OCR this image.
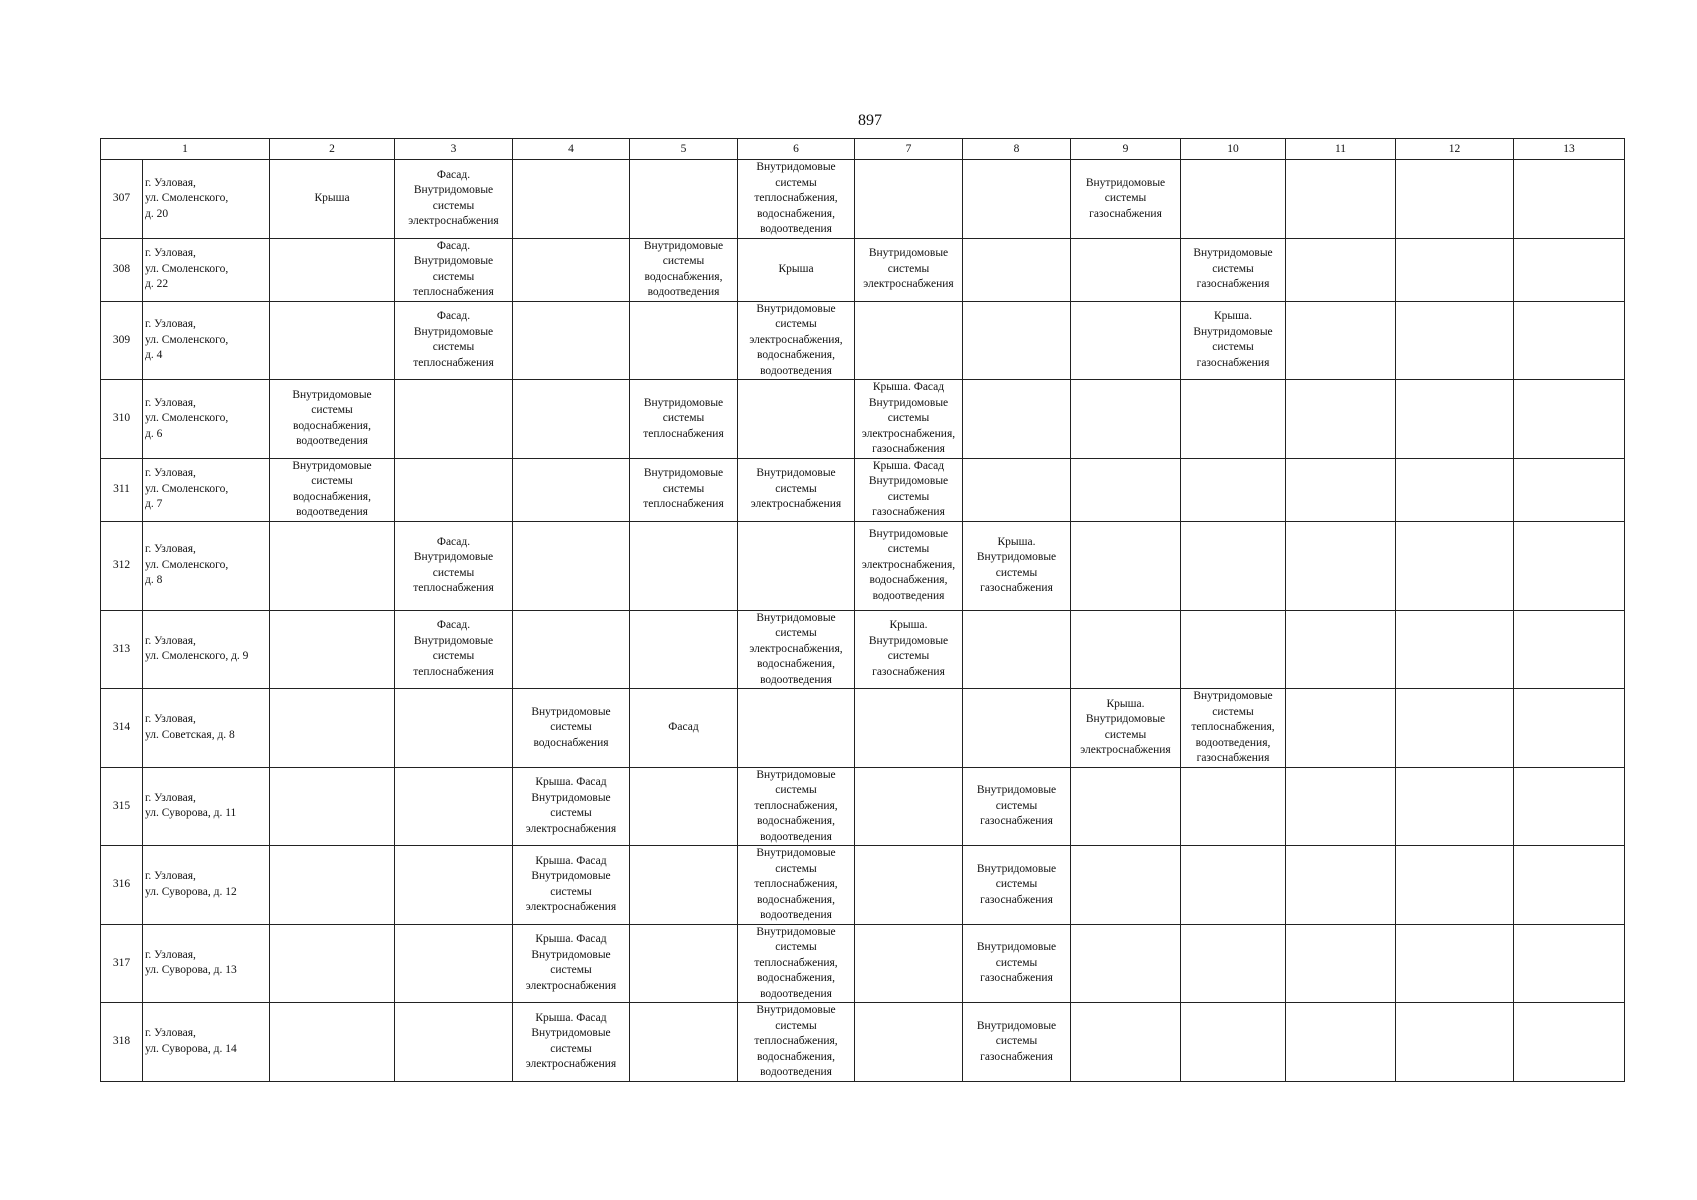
897
1		2	3	4	5	6	7	8	9	10	11	12	13
307	г. Узловая,
ул. Смоленского,
д. 20	Крыша	Фасад.
Внутридомовые
системы
электроснабжения			Внутридомовые
системы
теплоснабжения,
водоснабжения,
водоотведения			Внутридомовые
системы
газоснабжения				

308	г. Узловая,
ул. Смоленского,
д. 22		Фасад.
Внутридомовые
системы
теплоснабжения		Внутридомовые
системы
водоснабжения,
водоотведения	Крыша	Внутридомовые
системы
электроснабжения			Внутридомовые
системы
газоснабжения			

309	г. Узловая,
ул. Смоленского,
д. 4		Фасад.
Внутридомовые
системы
теплоснабжения			Внутридомовые
системы
электроснабжения,
водоснабжения,
водоотведения				Крыша.
Внутридомовые
системы
газоснабжения			

310	г. Узловая,
ул. Смоленского,
д. 6	Внутридомовые
системы
водоснабжения,
водоотведения			Внутридомовые
системы
теплоснабжения		Крыша. Фасад
Внутридомовые
системы
электроснабжения,
газоснабжения						

311	г. Узловая,
ул. Смоленского,
д. 7	Внутридомовые
системы
водоснабжения,
водоотведения			Внутридомовые
системы
теплоснабжения	Внутридомовые
системы
электроснабжения	Крыша. Фасад
Внутридомовые
системы
газоснабжения						

312	г. Узловая,
ул. Смоленского,
д. 8		Фасад.
Внутридомовые
системы
теплоснабжения				Внутридомовые
системы
электроснабжения,
водоснабжения,
водоотведения	Крыша.
Внутридомовые
системы
газоснабжения					

313	г. Узловая,
ул. Смоленского, д. 9		Фасад.
Внутридомовые
системы
теплоснабжения			Внутридомовые
системы
электроснабжения,
водоснабжения,
водоотведения	Крыша.
Внутридомовые
системы
газоснабжения						

314	г. Узловая,
ул. Советская, д. 8			Внутридомовые
системы
водоснабжения	Фасад				Крыша.
Внутридомовые
системы
электроснабжения	Внутридомовые
системы
теплоснабжения,
водоотведения,
газоснабжения			

315	г. Узловая,
ул. Суворова, д. 11			Крыша. Фасад
Внутридомовые
системы
электроснабжения		Внутридомовые
системы
теплоснабжения,
водоснабжения,
водоотведения		Внутридомовые
системы
газоснабжения					

316	г. Узловая,
ул. Суворова, д. 12			Крыша. Фасад
Внутридомовые
системы
электроснабжения		Внутридомовые
системы
теплоснабжения,
водоснабжения,
водоотведения		Внутридомовые
системы
газоснабжения					

317	г. Узловая,
ул. Суворова, д. 13			Крыша. Фасад
Внутридомовые
системы
электроснабжения		Внутридомовые
системы
теплоснабжения,
водоснабжения,
водоотведения		Внутридомовые
системы
газоснабжения					

318	г. Узловая,
ул. Суворова, д. 14			Крыша. Фасад
Внутридомовые
системы
электроснабжения		Внутридомовые
системы
теплоснабжения,
водоснабжения,
водоотведения		Внутридомовые
системы
газоснабжения					
